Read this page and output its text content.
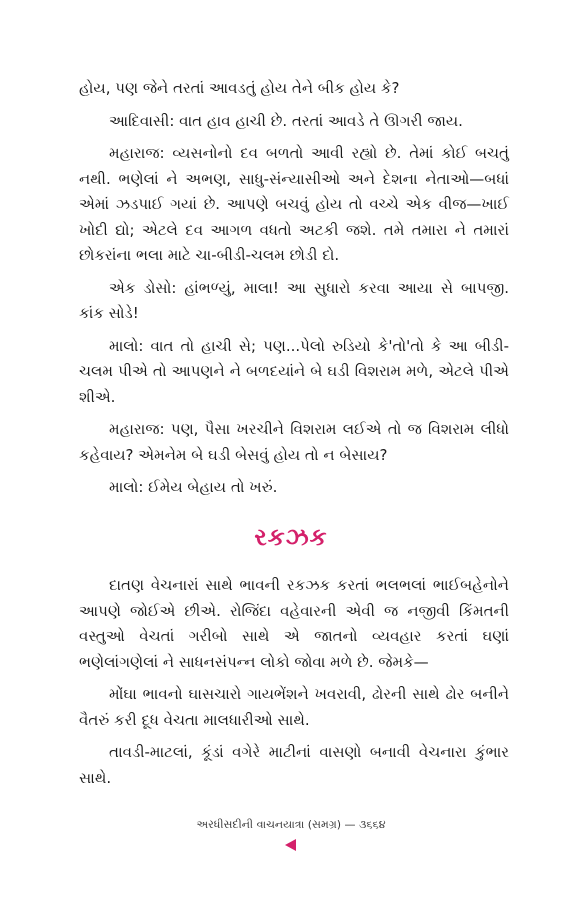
હોય, પણ જેને તરતાં આવડતું હોય તેને બીક હોય કે?

આદિવાસી: વાત હાવ હાચી છે. તરતાં આવડે તે ઊગરી જાય.

મહારાજ: વ્યસનોનો દવ બળતો આવી રહ્યો છે. તેમાં કોઈ બચતું નથી. ભણેલાં ને અભણ, સાધુ-સંન્યાસીઓ અને દેશના નેતાઓ—બધાં એમાં ઝડપાઈ ગયાં છે. આપણે બચવું હોય તો વચ્ચે એક વીજ—ખાઈ ખોદી દ્યો; એટલે દવ આગળ વધતો અટકી જશે. તમે તમારા ને તમારાં છોકરાંના ભલા માટે ચા-બીડી-ચલમ છોડી દો.

એક ડોસો: હાંભળ્યું, માલા! આ સુધારો કરવા આયા સે બાપજી. કાંક સોડે!

માલો: વાત તો હાચી સે; પણ...પેલો રુડિયો કે'તો'તો કે આ બીડી-ચલમ પીએ તો આપણને ને બળદયાંને બે ઘડી વિશરામ મળે, એટલે પીએ શીએ.

મહારાજ: પણ, પૈસા ખરચીને વિશરામ લઈએ તો જ વિશરામ લીધો કહેવાય? એમનેમ બે ઘડી બેસવું હોય તો ન બેસાય?

માલો: ઈમેય બેહાય તો ખરું.

રકઝક

દાતણ વેચનારાં સાથે ભાવની રકઝક કરતાં ભલભલાં ભાઈબહેનોને આપણે જોઈએ છીએ. રોજિંદા વહેવારની એવી જ નજીવી કિંમતની વસ્તુઓ વેચતાં ગરીબો સાથે એ જાતનો વ્યવહાર કરતાં ઘણાં ભણેલાંગણેલાં ને સાધનસંપન્ન લોકો જોવા મળે છે. જેમકે—

મોંઘા ભાવનો ઘાસચારો ગાયભેંશને ખવરાવી, ઢોરની સાથે ઢોર બનીને વૈતરું કરી દૂધ વેચતા માલધારીઓ સાથે.

તાવડી-માટલાં, કૂંડાં વગેરે માટીનાં વાસણો બનાવી વેચનારા કુંભાર સાથે.

અરધીસદીની વાચનયાત્રા (સમગ્ર) — ૩૬૬૪
